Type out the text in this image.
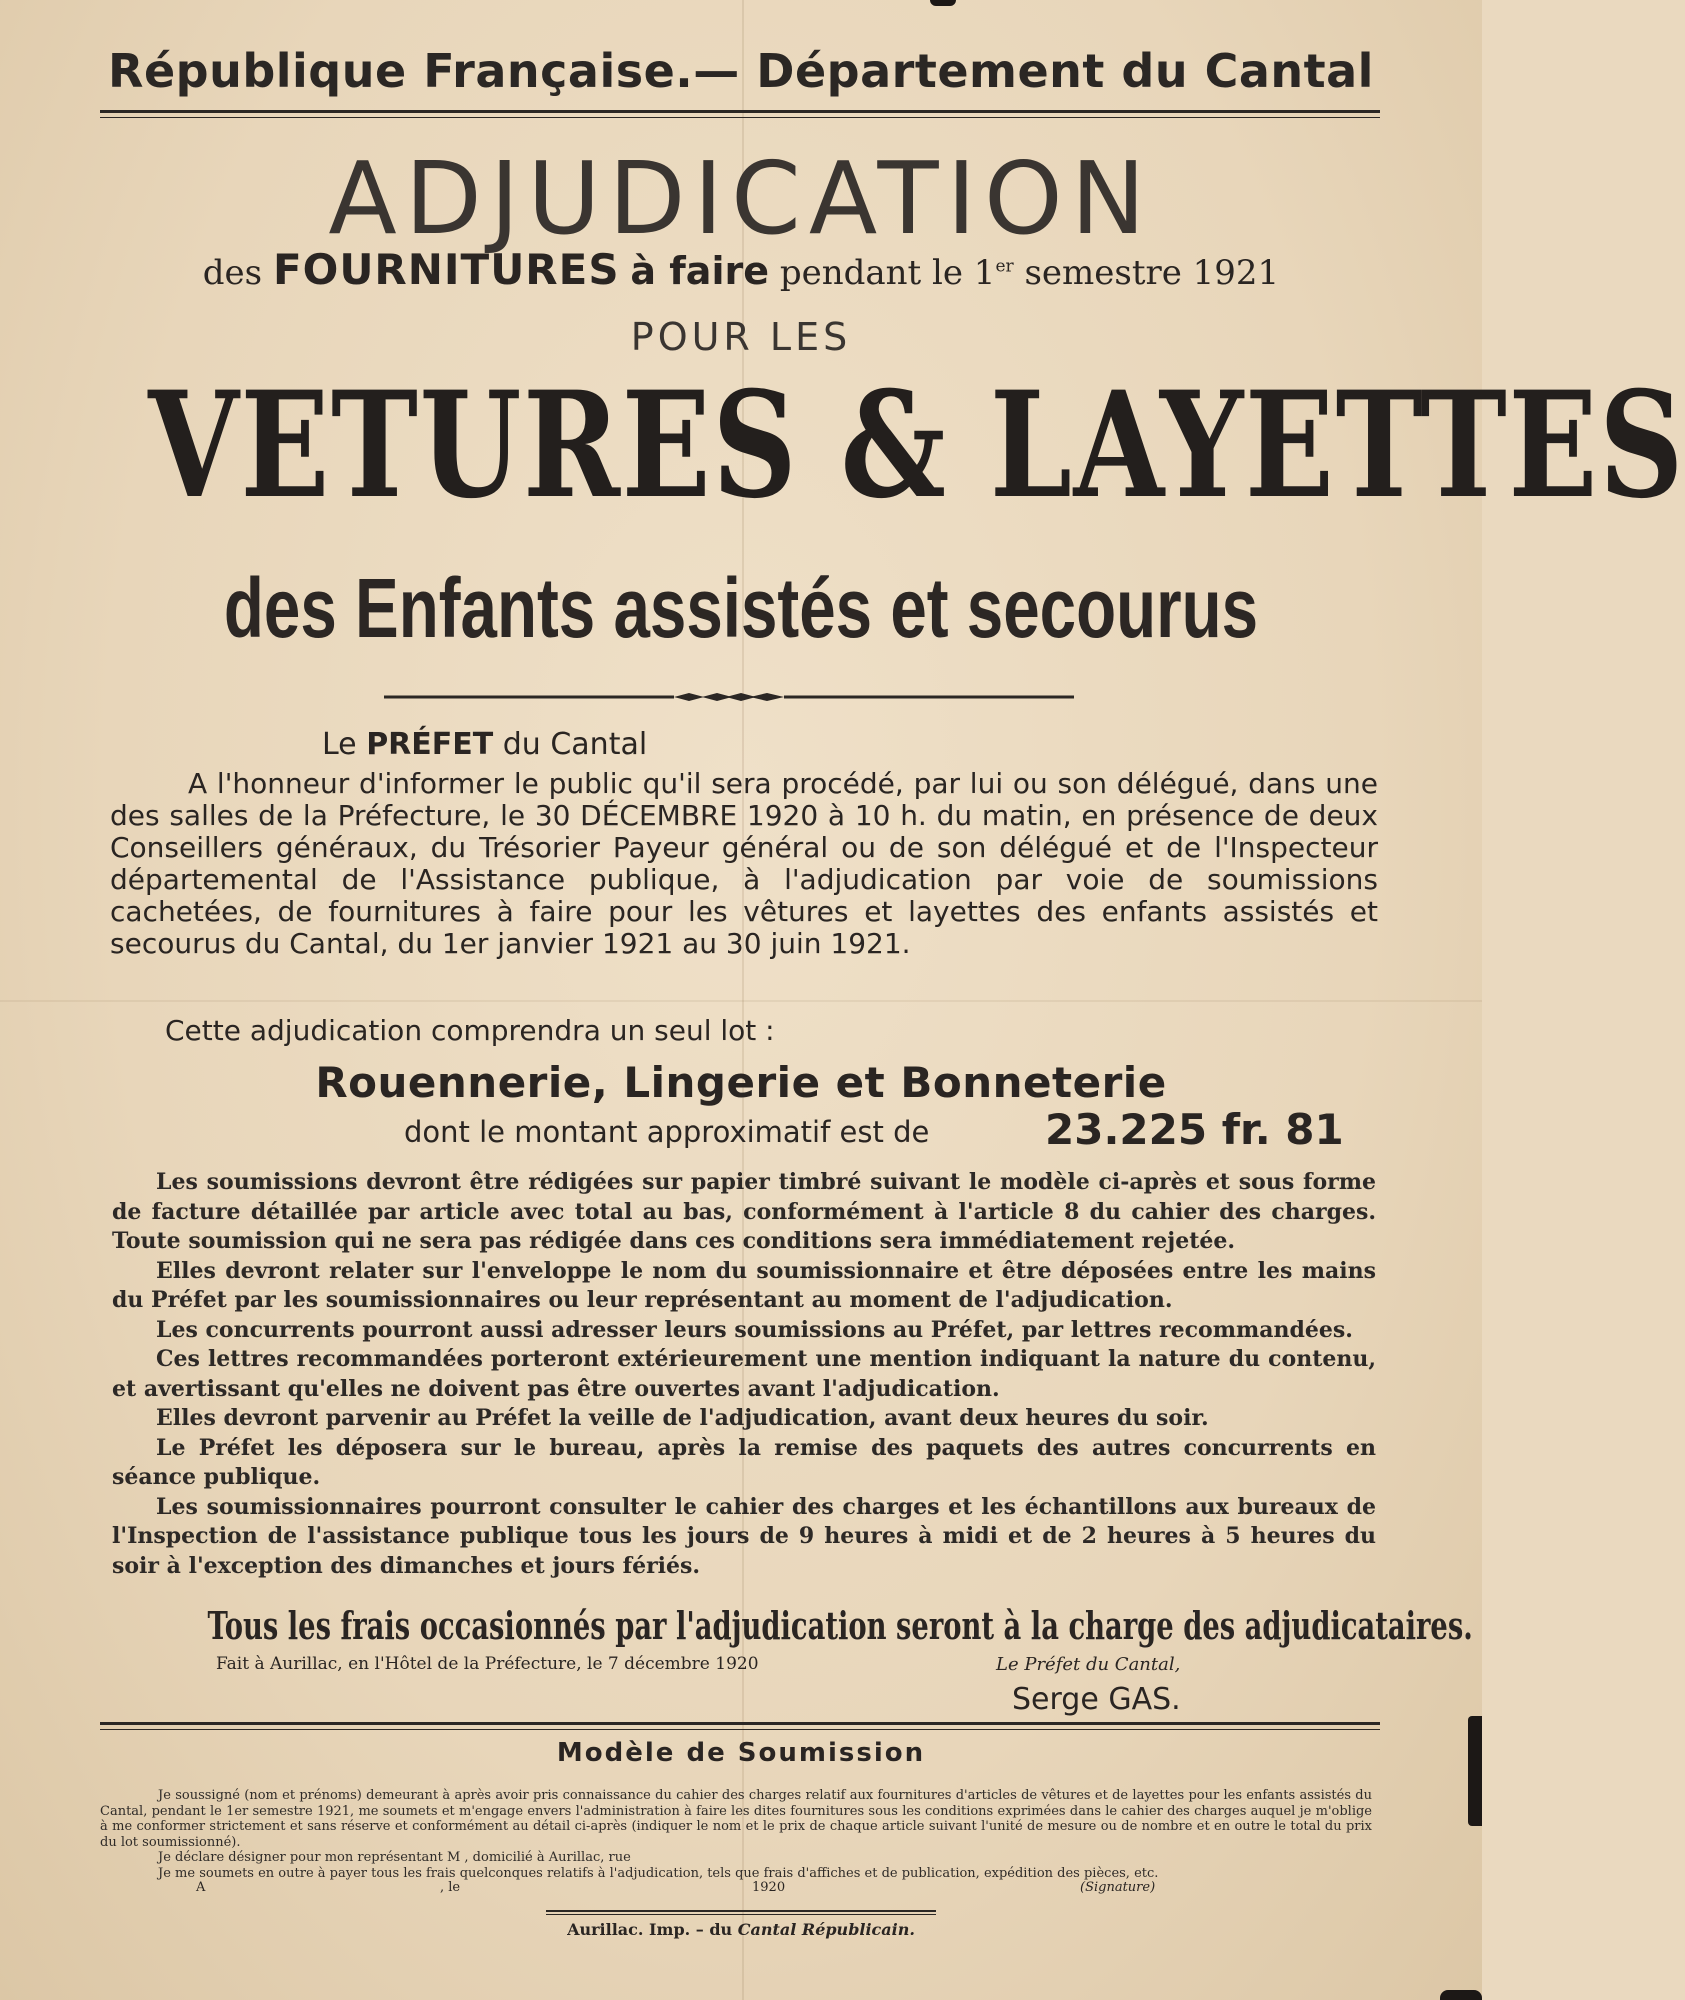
République Française.— Département du Cantal
ADJUDICATION
des FOURNITURES à faire pendant le 1er semestre 1921
POUR LES
VETURES & LAYETTES
des Enfants assistés et secourus
Le PRÉFET du Cantal
A l'honneur d'informer le public qu'il sera procédé, par lui ou son délégué, dans une des salles de la Préfecture, le 30 DÉCEMBRE 1920 à 10 h. du matin, en présence de deux Conseillers généraux, du Trésorier Payeur général ou de son délégué et de l'Inspecteur départemental de l'Assistance publique, à l'adjudication par voie de soumissions cachetées, de fournitures à faire pour les vêtures et layettes des enfants assistés et secourus du Cantal, du 1er janvier 1921 au 30 juin 1921.
Cette adjudication comprendra un seul lot :
Rouennerie, Lingerie et Bonneterie
dont le montant approximatif est de	23.225 fr. 81

Les soumissions devront être rédigées sur papier timbré suivant le modèle ci-après et sous forme de facture détaillée par article avec total au bas, conformément à l'article 8 du cahier des charges. Toute soumission qui ne sera pas rédigée dans ces conditions sera immédiatement rejetée.

Elles devront relater sur l'enveloppe le nom du soumissionnaire et être déposées entre les mains du Préfet par les soumissionnaires ou leur représentant au moment de l'adjudication.

Les concurrents pourront aussi adresser leurs soumissions au Préfet, par lettres recommandées.

Ces lettres recommandées porteront extérieurement une mention indiquant la nature du contenu, et avertissant qu'elles ne doivent pas être ouvertes avant l'adjudication.

Elles devront parvenir au Préfet la veille de l'adjudication, avant deux heures du soir.

Le Préfet les déposera sur le bureau, après la remise des paquets des autres concurrents en séance publique.

Les soumissionnaires pourront consulter le cahier des charges et les échantillons aux bureaux de l'Inspection de l'assistance publique tous les jours de 9 heures à midi et de 2 heures à 5 heures du soir à l'exception des dimanches et jours fériés.

Tous les frais occasionnés par l'adjudication seront à la charge des adjudicataires.
Fait à Aurillac, en l'Hôtel de la Préfecture, le 7 décembre 1920	Le Préfet du Cantal,
Serge GAS.
Modèle de Soumission

Je soussigné (nom et prénoms) demeurant à après avoir pris connaissance du cahier des charges relatif aux fournitures d'articles de vêtures et de layettes pour les enfants assistés du Cantal, pendant le 1er semestre 1921, me soumets et m'engage envers l'administration à faire les dites fournitures sous les conditions exprimées dans le cahier des charges auquel je m'oblige à me conformer strictement et sans réserve et conformément au détail ci-après (indiquer le nom et le prix de chaque article suivant l'unité de mesure ou de nombre et en outre le total du prix du lot soumissionné).

Je déclare désigner pour mon représentant M , domicilié à Aurillac, rue

Je me soumets en outre à payer tous les frais quelconques relatifs à l'adjudication, tels que frais d'affiches et de publication, expédition des pièces, etc.

A	, le	1920	(Signature)
Aurillac. Imp. – du Cantal Républicain.
